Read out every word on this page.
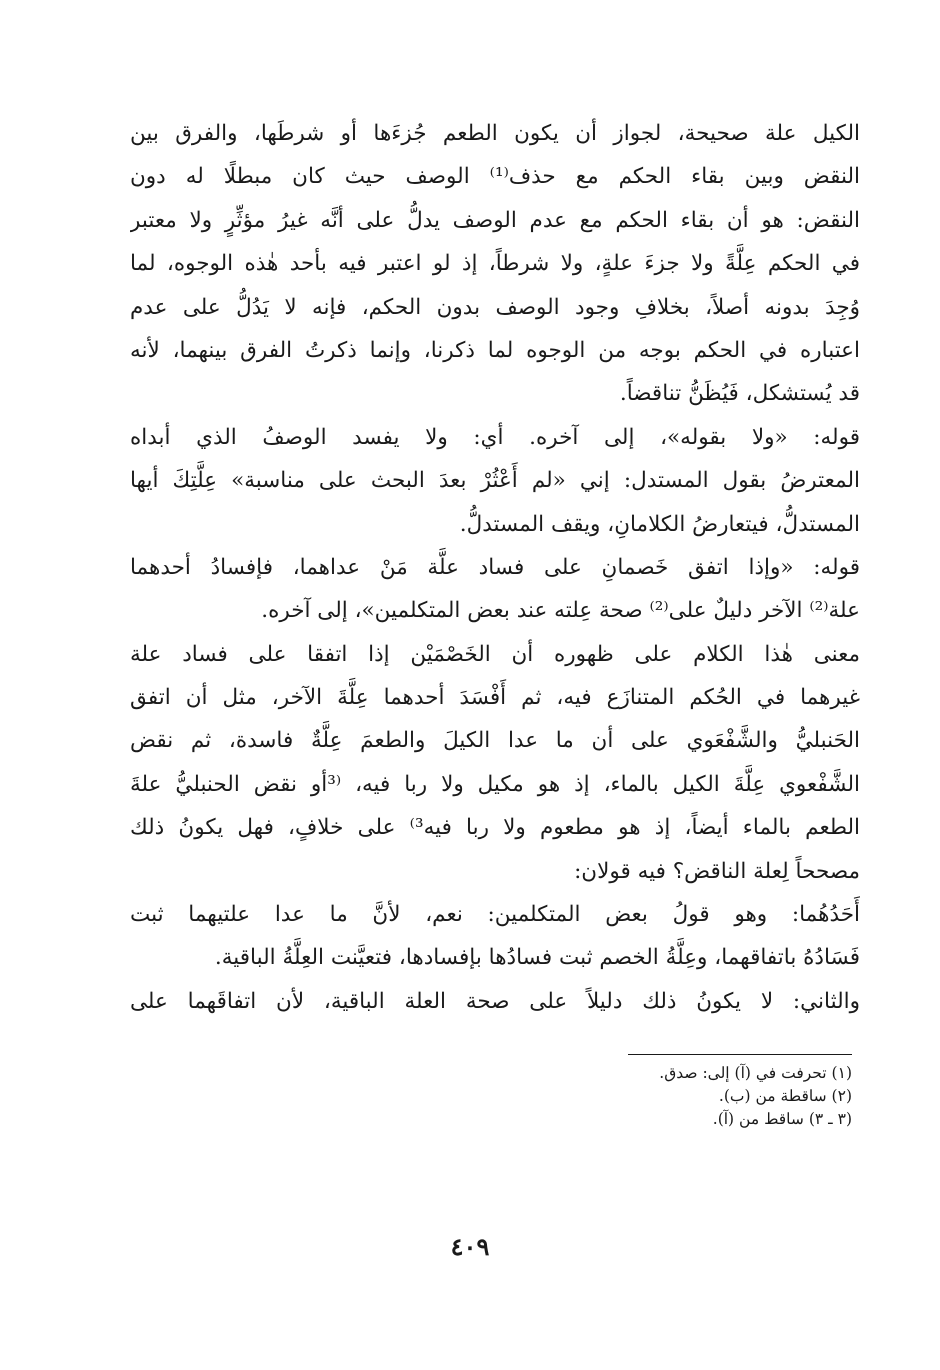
الكيل علة صحيحة، لجواز أن يكون الطعم جُزءَها أو شرطَها، والفرق بين
النقض وبين بقاء الحكم مع حذف⁽¹⁾ الوصف حيث كان مبطلًا له دون
النقض: هو أن بقاء الحكم مع عدم الوصف يدلُّ على أنَّه غيرُ مؤثِّرٍ ولا معتبر
في الحكم عِلَّةً ولا جزءَ علةٍ، ولا شرطاً، إذ لو اعتبر فيه بأحد هٰذه الوجوه، لما
وُجِدَ بدونه أصلاً، بخلافِ وجود الوصف بدون الحكم، فإنه لا يَدُلُّ على عدم
اعتباره في الحكم بوجه من الوجوه لما ذكرنا، وإنما ذكرتُ الفرق بينهما، لأنه
قد يُستشكل، فَيُظَنُّ تناقضاً.
قوله: «ولا بقوله»، إلى آخره. أي: ولا يفسد الوصفُ الذي أبداه
المعترضُ بقول المستدل: إني «لم أَعْثُرْ بعدَ البحث على مناسبة» عِلَّتِكَ أيها
المستدلُّ، فيتعارضُ الكلامانِ، ويقف المستدلُّ.
قوله: «وإذا اتفق خَصمانِ على فساد علَّة مَنْ عداهما، فإفسادُ أحدهما
علة⁽²⁾ الآخر دليلٌ على⁽²⁾ صحة عِلته عند بعض المتكلمين»، إلى آخره.
معنى هٰذا الكلام على ظهوره أن الخَصْمَيْن إذا اتفقا على فساد علة
غيرهما في الحُكم المتنازَع فيه، ثم أَفْسَدَ أحدهما عِلَّةَ الآخر، مثل أن اتفق
الحَنبليُّ والشَّفْعَوي على أن ما عدا الكيلَ والطعمَ عِلَّةٌ فاسدة، ثم نقض
الشَّفْعوي عِلَّةَ الكيل بالماء، إذ هو مكيل ولا ربا فيه، ⁽³أو نقض الحنبليُّ علةَ
الطعم بالماء أيضاً، إذ هو مطعوم ولا ربا فيه³⁾ على خلافٍ، فهل يكونُ ذلك
مصححاً لِعلة الناقض؟ فيه قولان:
أَحَدُهُما: وهو قولُ بعض المتكلمين: نعم، لأنَّ ما عدا علتيهما ثبت
فَسَادُهُ باتفاقهما، وعِلَّةُ الخصم ثبت فسادُها بإفسادها، فتعيَّنت العِلَّةُ الباقية.
والثاني: لا يكونُ ذلك دليلاً على صحة العلة الباقية، لأن اتفاقَهما على
(١) تحرفت في (آ) إلى: صدق.
(٢) ساقطة من (ب).
(٣ ـ ٣) ساقط من (آ).
٤٠٩
